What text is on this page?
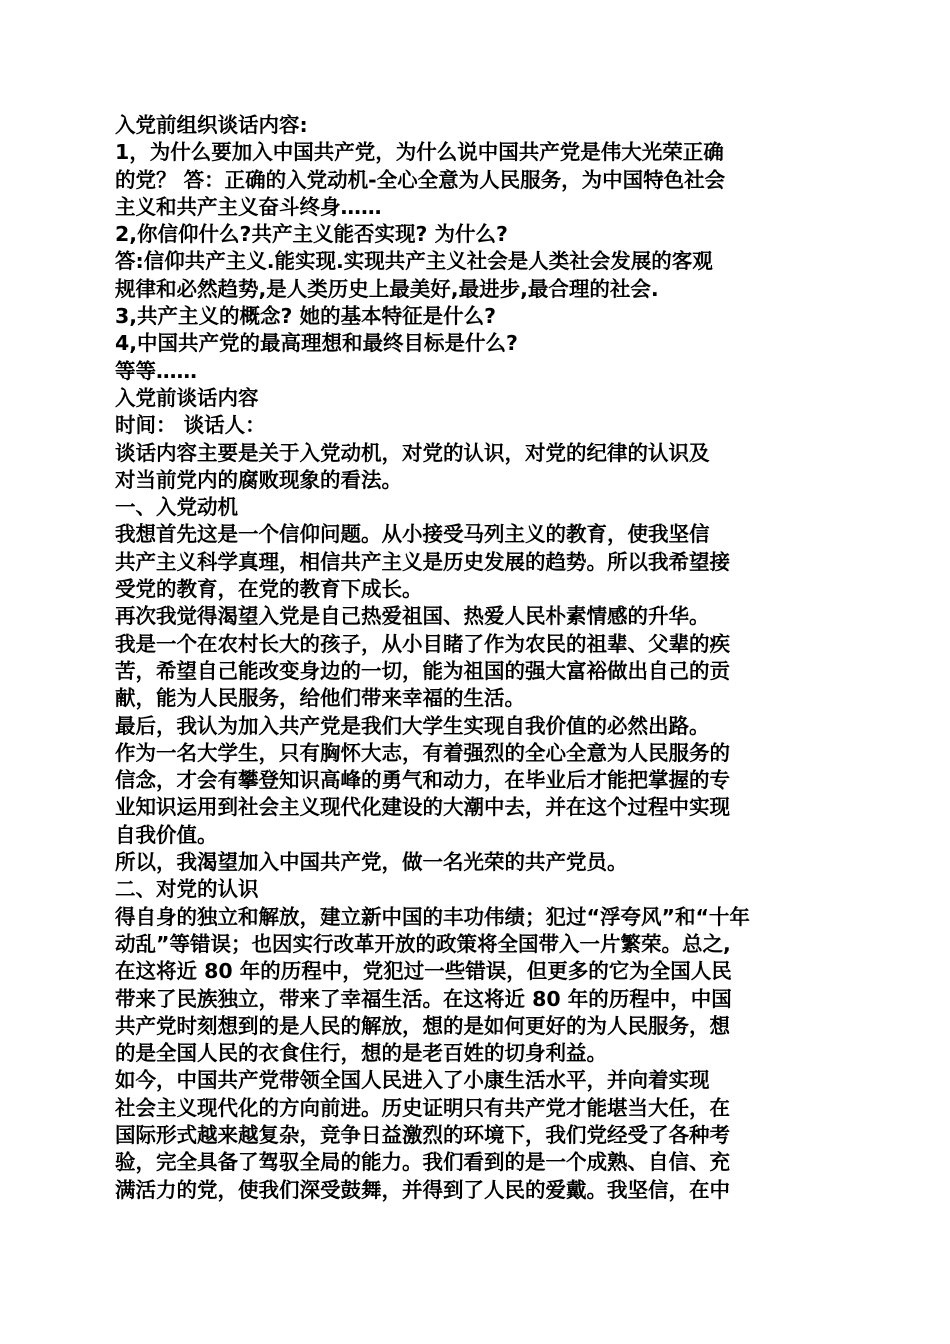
入党前组织谈话内容:
1，为什么要加入中国共产党，为什么说中国共产党是伟大光荣正确
的党？ 答：正确的入党动机-全心全意为人民服务，为中国特色社会
主义和共产主义奋斗终身……
2,你信仰什么?共产主义能否实现? 为什么?
答:信仰共产主义.能实现.实现共产主义社会是人类社会发展的客观
规律和必然趋势,是人类历史上最美好,最进步,最合理的社会.
3,共产主义的概念? 她的基本特征是什么?
4,中国共产党的最高理想和最终目标是什么?
等等……
入党前谈话内容
时间： 谈话人：
谈话内容主要是关于入党动机，对党的认识，对党的纪律的认识及
对当前党内的腐败现象的看法。
一、入党动机
我想首先这是一个信仰问题。从小接受马列主义的教育，使我坚信
共产主义科学真理，相信共产主义是历史发展的趋势。所以我希望接
受党的教育，在党的教育下成长。
再次我觉得渴望入党是自己热爱祖国、热爱人民朴素情感的升华。
我是一个在农村长大的孩子，从小目睹了作为农民的祖辈、父辈的疾
苦，希望自己能改变身边的一切，能为祖国的强大富裕做出自己的贡
献，能为人民服务，给他们带来幸福的生活。
最后，我认为加入共产党是我们大学生实现自我价值的必然出路。
作为一名大学生，只有胸怀大志，有着强烈的全心全意为人民服务的
信念，才会有攀登知识高峰的勇气和动力，在毕业后才能把掌握的专
业知识运用到社会主义现代化建设的大潮中去，并在这个过程中实现
自我价值。
所以，我渴望加入中国共产党，做一名光荣的共产党员。
二、对党的认识
得自身的独立和解放，建立新中国的丰功伟绩；犯过“浮夸风”和“十年
动乱”等错误；也因实行改革开放的政策将全国带入一片繁荣。总之,
在这将近 80 年的历程中，党犯过一些错误，但更多的它为全国人民
带来了民族独立，带来了幸福生活。在这将近 80 年的历程中，中国
共产党时刻想到的是人民的解放，想的是如何更好的为人民服务，想
的是全国人民的衣食住行，想的是老百姓的切身利益。
如今，中国共产党带领全国人民进入了小康生活水平，并向着实现
社会主义现代化的方向前进。历史证明只有共产党才能堪当大任，在
国际形式越来越复杂，竞争日益激烈的环境下，我们党经受了各种考
验，完全具备了驾驭全局的能力。我们看到的是一个成熟、自信、充
满活力的党，使我们深受鼓舞，并得到了人民的爱戴。我坚信，在中
